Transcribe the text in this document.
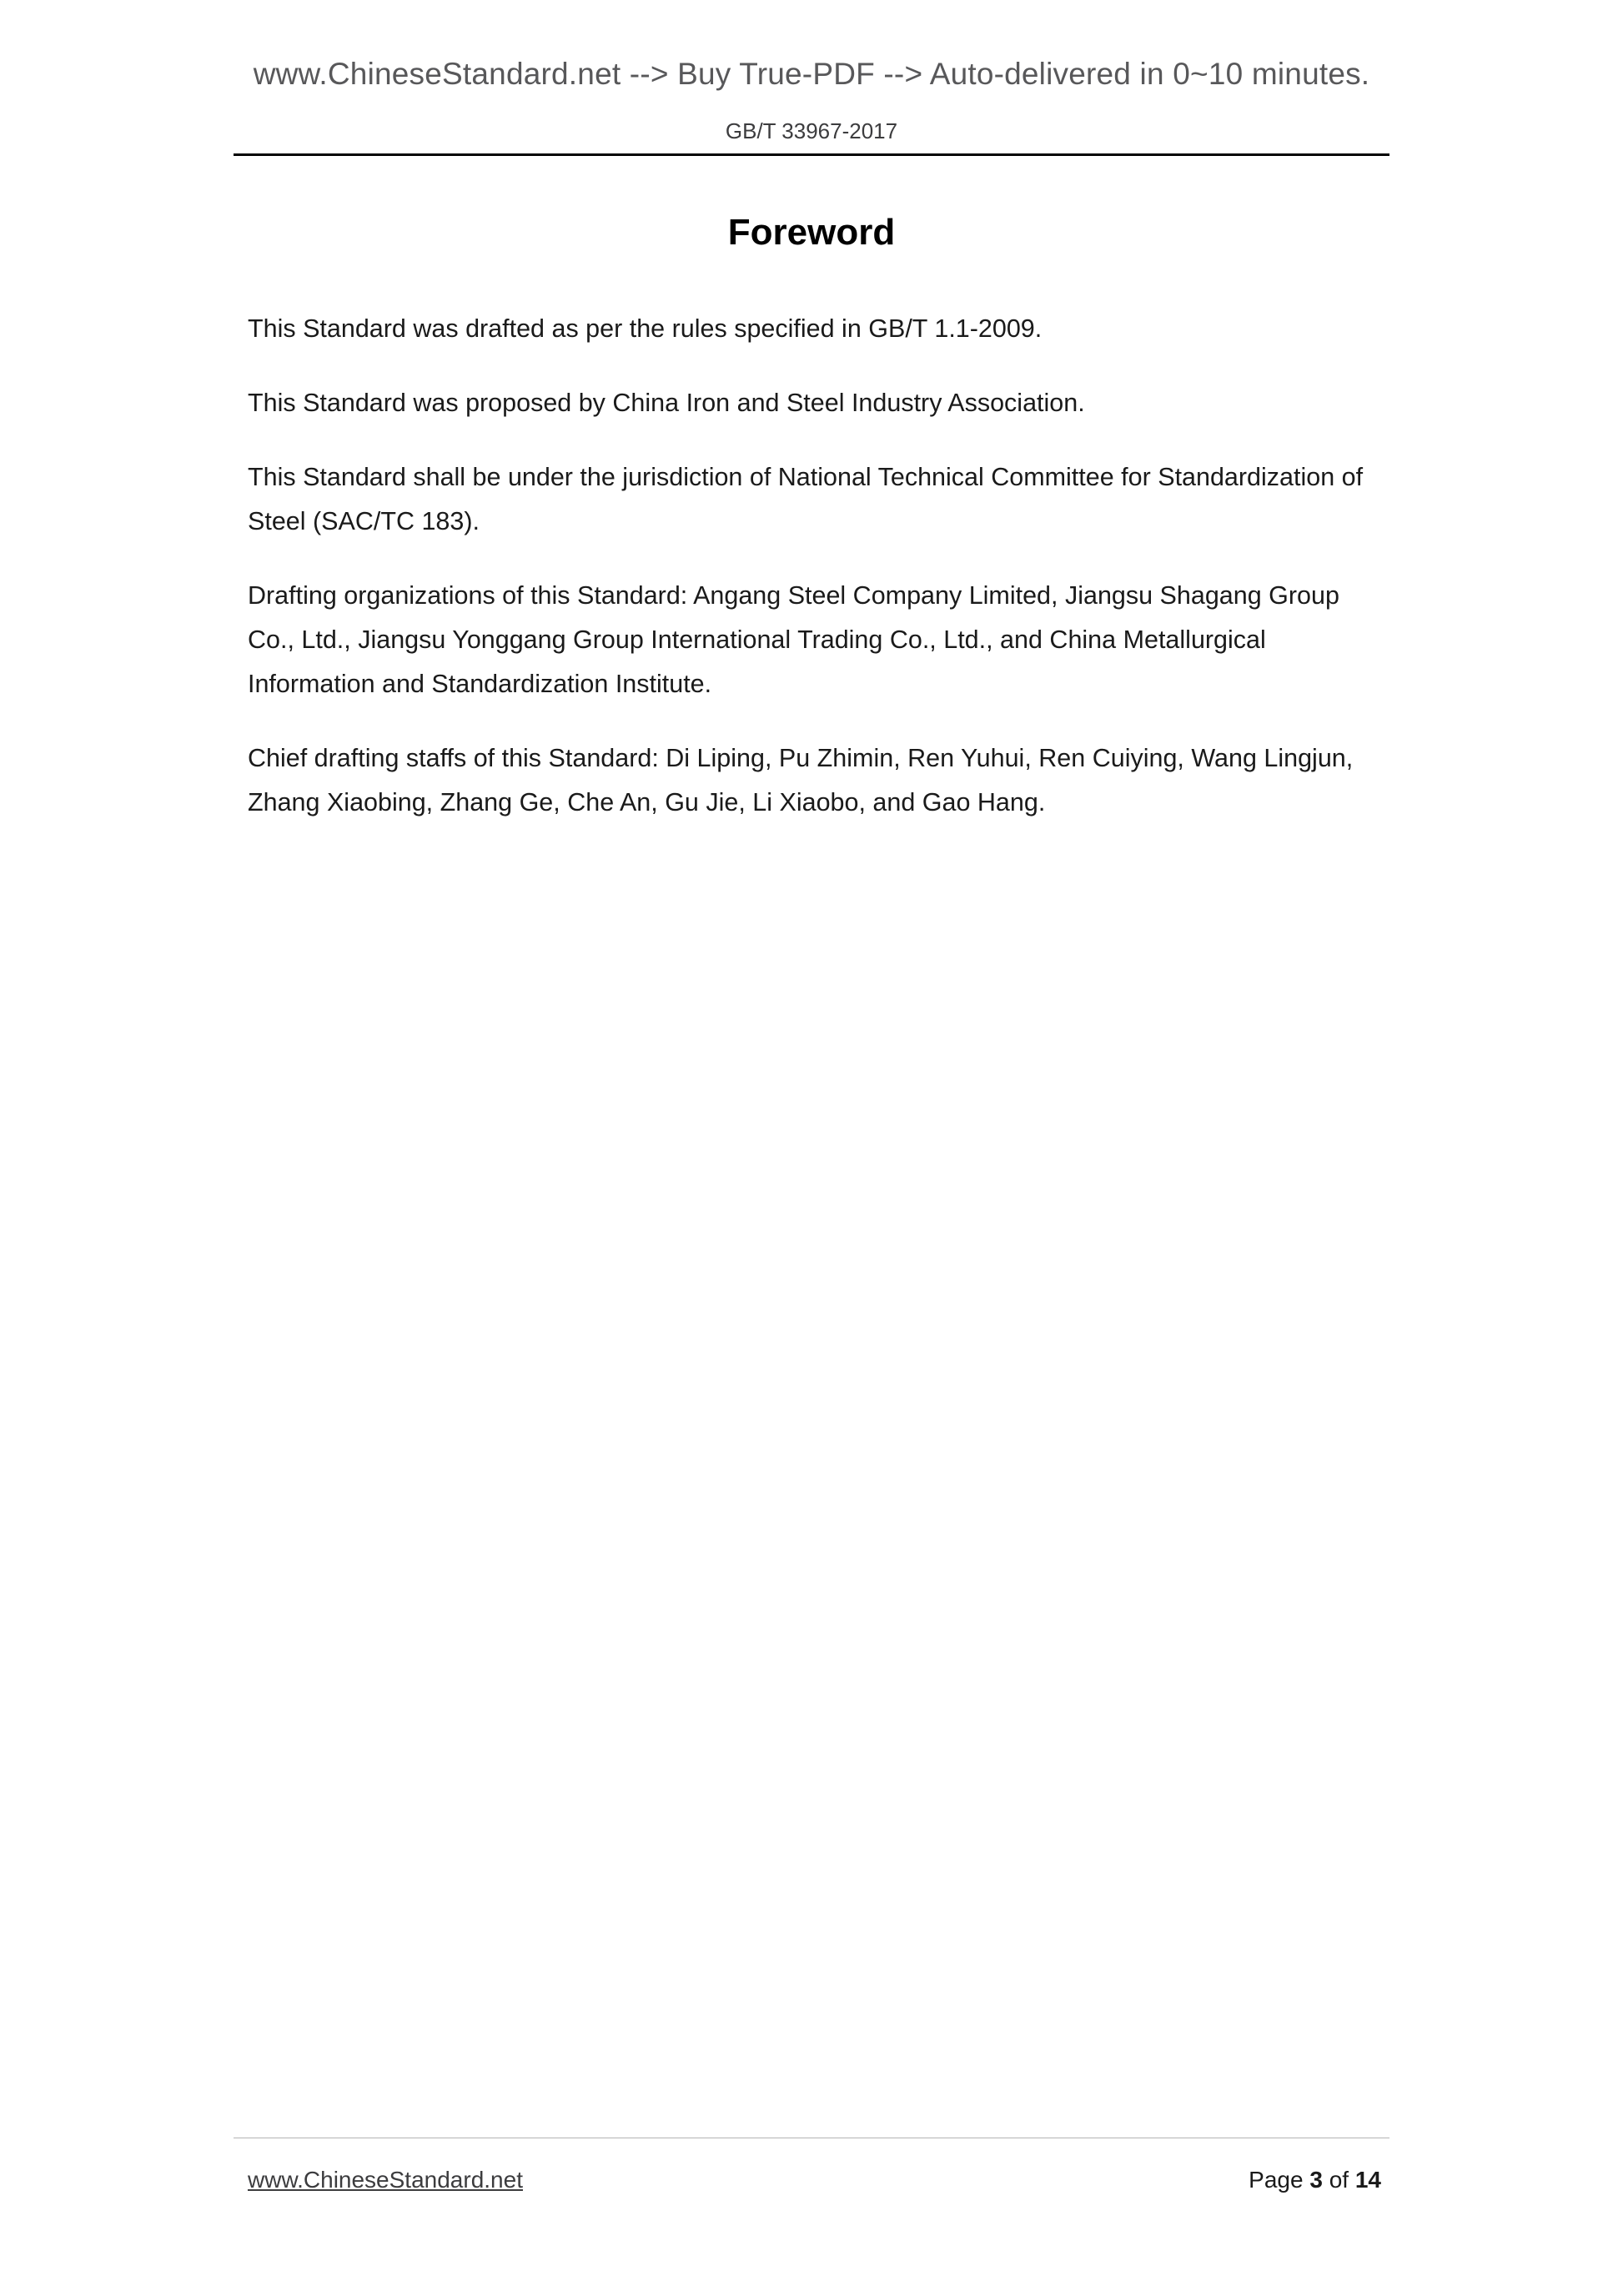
www.ChineseStandard.net --> Buy True-PDF --> Auto-delivered in 0~10 minutes.
GB/T 33967-2017
Foreword

This Standard was drafted as per the rules specified in GB/T 1.1-2009.

This Standard was proposed by China Iron and Steel Industry Association.

This Standard shall be under the jurisdiction of National Technical Committee for Standardization of Steel (SAC/TC 183).

Drafting organizations of this Standard: Angang Steel Company Limited, Jiangsu Shagang Group Co., Ltd., Jiangsu Yonggang Group International Trading Co., Ltd., and China Metallurgical Information and Standardization Institute.

Chief drafting staffs of this Standard: Di Liping, Pu Zhimin, Ren Yuhui, Ren Cuiying, Wang Lingjun, Zhang Xiaobing, Zhang Ge, Che An, Gu Jie, Li Xiaobo, and Gao Hang.

www.ChineseStandard.net	Page 3 of 14
